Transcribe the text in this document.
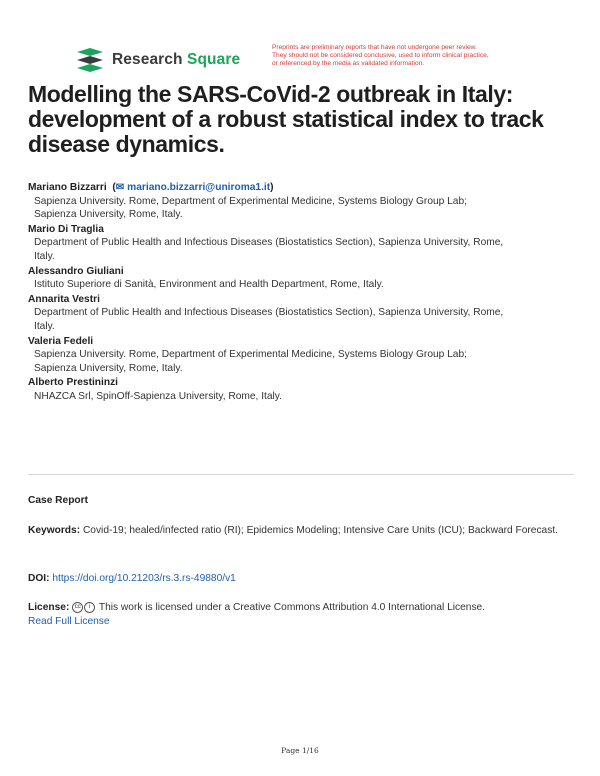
Research Square
Preprints are preliminary reports that have not undergone peer review.
They should not be considered conclusive, used to inform clinical practice,
or referenced by the media as validated information.
Modelling the SARS-CoVid-2 outbreak in Italy: development of a robust statistical index to track disease dynamics.
Mariano Bizzarri  (✉ mariano.bizzarri@uniroma1.it)
Sapienza University. Rome, Department of Experimental Medicine, Systems Biology Group Lab;
Sapienza University, Rome, Italy.
Mario Di Traglia
Department of Public Health and Infectious Diseases (Biostatistics Section), Sapienza University, Rome,
Italy.
Alessandro Giuliani
Istituto Superiore di Sanità, Environment and Health Department, Rome, Italy.
Annarita Vestri
Department of Public Health and Infectious Diseases (Biostatistics Section), Sapienza University, Rome,
Italy.
Valeria Fedeli
Sapienza University. Rome, Department of Experimental Medicine, Systems Biology Group Lab;
Sapienza University, Rome, Italy.
Alberto Prestininzi
NHAZCA Srl, SpinOff-Sapienza University, Rome, Italy.
Case Report
Keywords: Covid-19; healed/infected ratio (RI); Epidemics Modeling; Intensive Care Units (ICU); Backward Forecast.
DOI: https://doi.org/10.21203/rs.3.rs-49880/v1
License: cc i This work is licensed under a Creative Commons Attribution 4.0 International License.
Read Full License
Page 1/16
